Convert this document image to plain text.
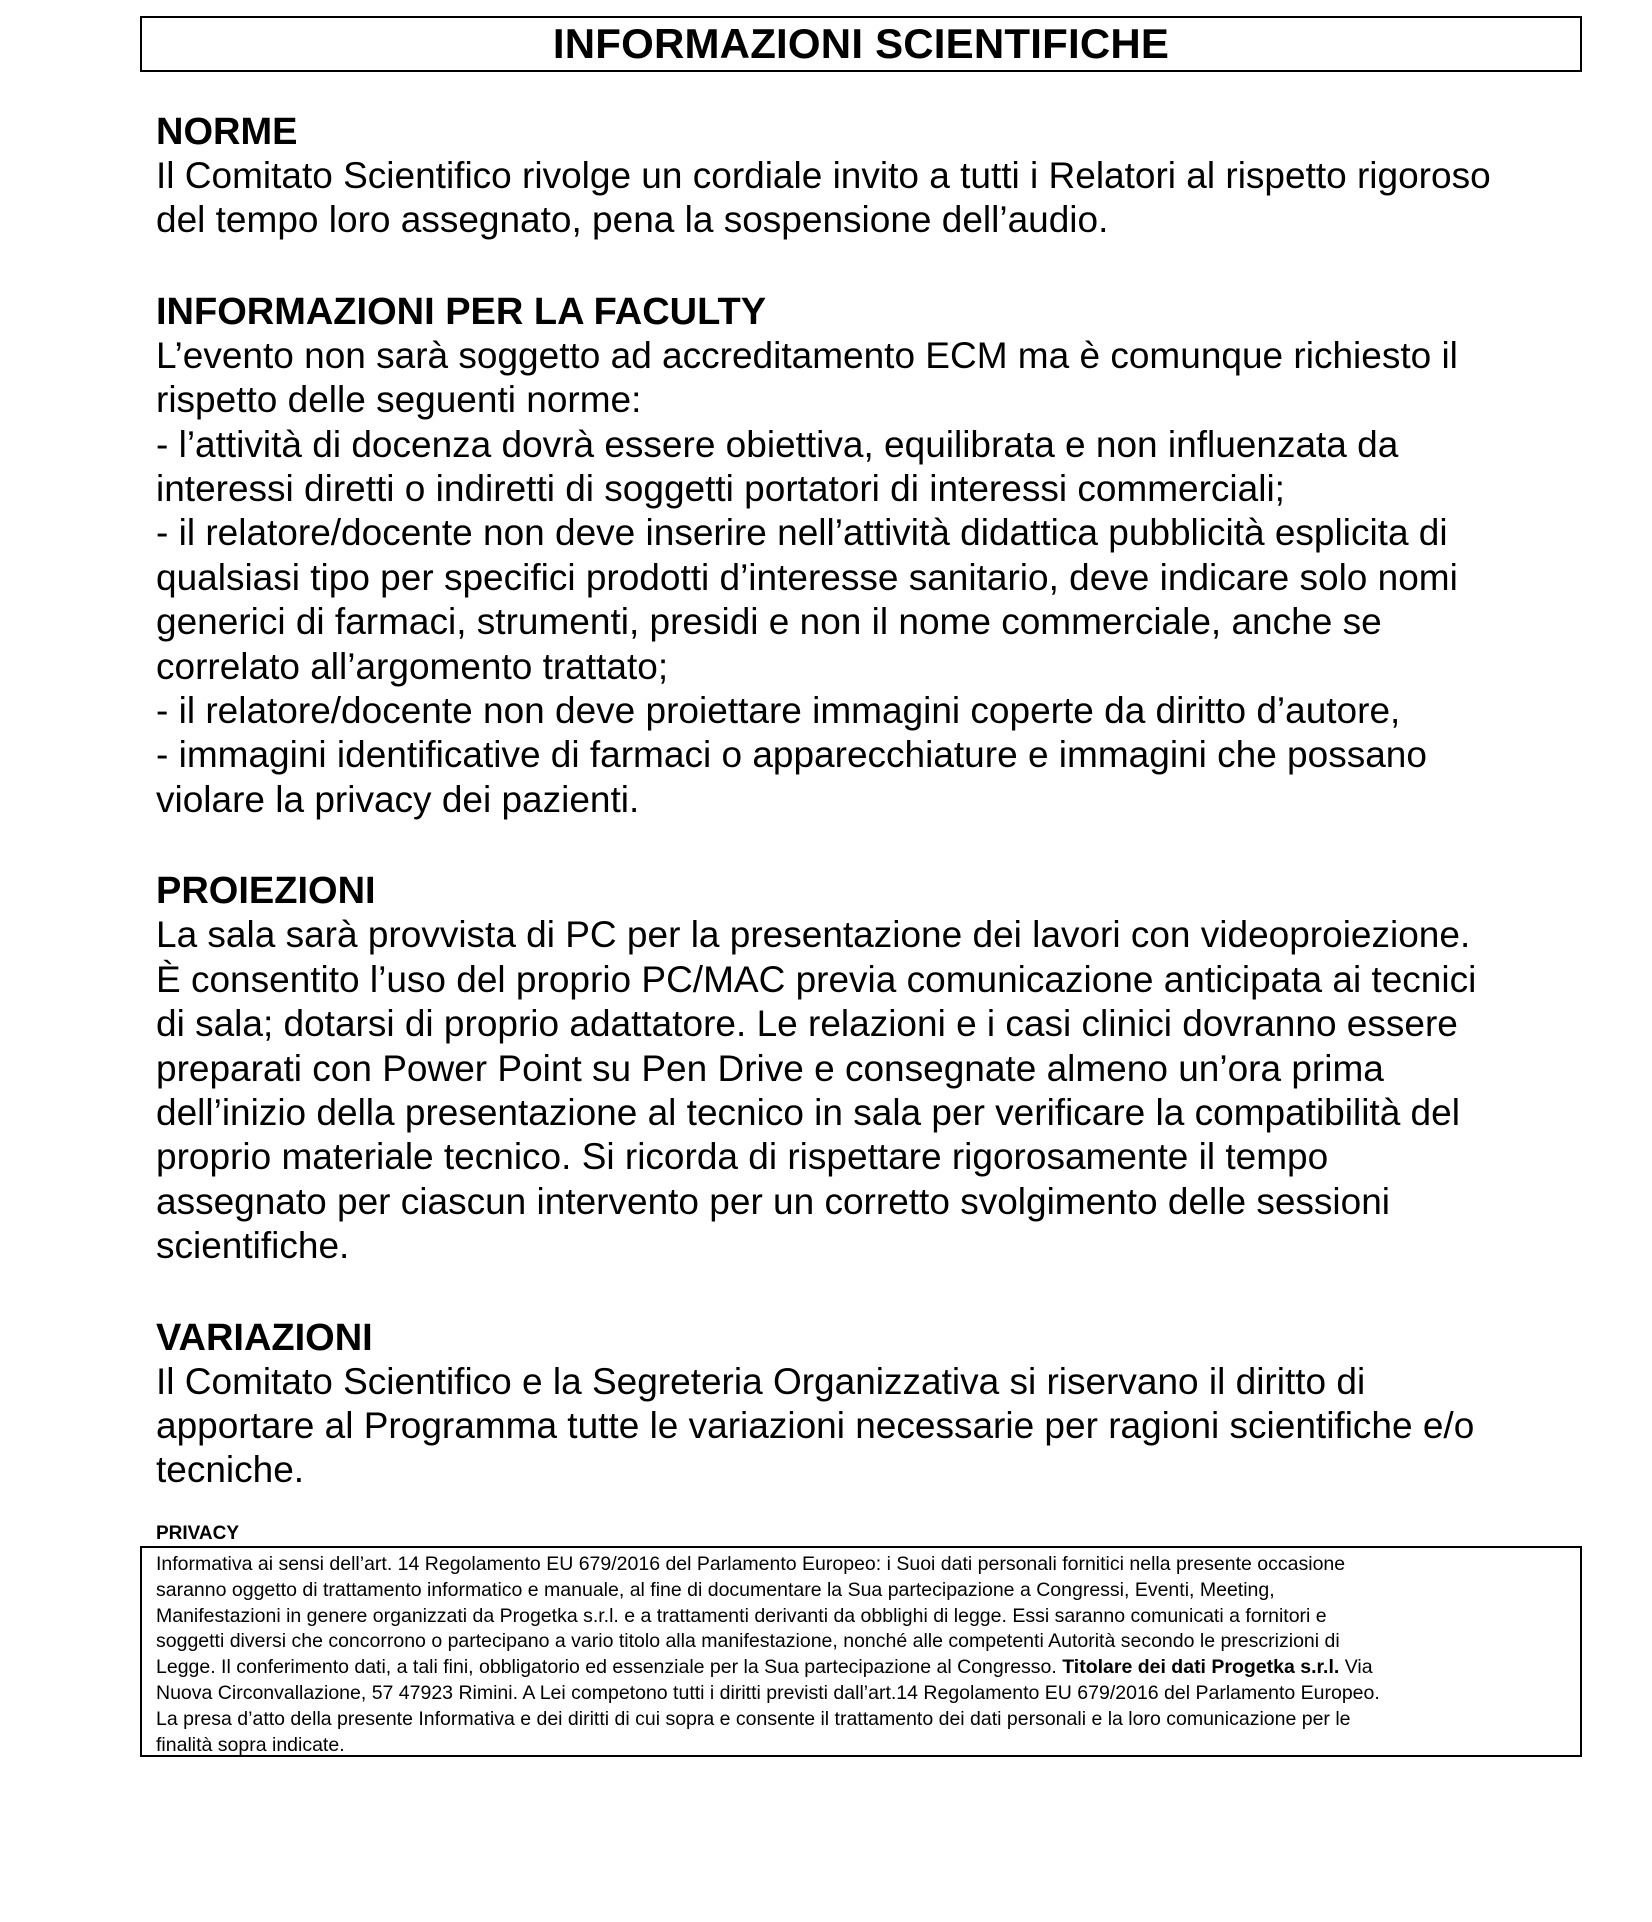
INFORMAZIONI SCIENTIFICHE
NORME

Il Comitato Scientifico rivolge un cordiale invito a tutti i Relatori al rispetto rigoroso
del tempo loro assegnato, pena la sospensione dell’audio.

INFORMAZIONI PER LA FACULTY

L’evento non sarà soggetto ad accreditamento ECM ma è comunque richiesto il
rispetto delle seguenti norme:
- l’attività di docenza dovrà essere obiettiva, equilibrata e non influenzata da
interessi diretti o indiretti di soggetti portatori di interessi commerciali;
- il relatore/docente non deve inserire nell’attività didattica pubblicità esplicita di
qualsiasi tipo per specifici prodotti d’interesse sanitario, deve indicare solo nomi
generici di farmaci, strumenti, presidi e non il nome commerciale, anche se
correlato all’argomento trattato;
- il relatore/docente non deve proiettare immagini coperte da diritto d’autore,
- immagini identificative di farmaci o apparecchiature e immagini che possano
violare la privacy dei pazienti.

PROIEZIONI

La sala sarà provvista di PC per la presentazione dei lavori con videoproiezione.
È consentito l’uso del proprio PC/MAC previa comunicazione anticipata ai tecnici
di sala; dotarsi di proprio adattatore. Le relazioni e i casi clinici dovranno essere
preparati con Power Point su Pen Drive e consegnate almeno un’ora prima
dell’inizio della presentazione al tecnico in sala per verificare la compatibilità del
proprio materiale tecnico. Si ricorda di rispettare rigorosamente il tempo
assegnato per ciascun intervento per un corretto svolgimento delle sessioni
scientifiche.

VARIAZIONI

Il Comitato Scientifico e la Segreteria Organizzativa si riservano il diritto di
apportare al Programma tutte le variazioni necessarie per ragioni scientifiche e/o
tecniche.

PRIVACY

Informativa ai sensi dell’art. 14 Regolamento EU 679/2016 del Parlamento Europeo: i Suoi dati personali fornitici nella presente occasione
saranno oggetto di trattamento informatico e manuale, al fine di documentare la Sua partecipazione a Congressi, Eventi, Meeting,
Manifestazioni in genere organizzati da Progetka s.r.l. e a trattamenti derivanti da obblighi di legge. Essi saranno comunicati a fornitori e
soggetti diversi che concorrono o partecipano a vario titolo alla manifestazione, nonché alle competenti Autorità secondo le prescrizioni di
Legge. Il conferimento dati, a tali fini, obbligatorio ed essenziale per la Sua partecipazione al Congresso. Titolare dei dati Progetka s.r.l. Via
Nuova Circonvallazione, 57 47923 Rimini. A Lei competono tutti i diritti previsti dall’art.14 Regolamento EU 679/2016 del Parlamento Europeo.
La presa d’atto della presente Informativa e dei diritti di cui sopra e consente il trattamento dei dati personali e la loro comunicazione per le
finalità sopra indicate.
